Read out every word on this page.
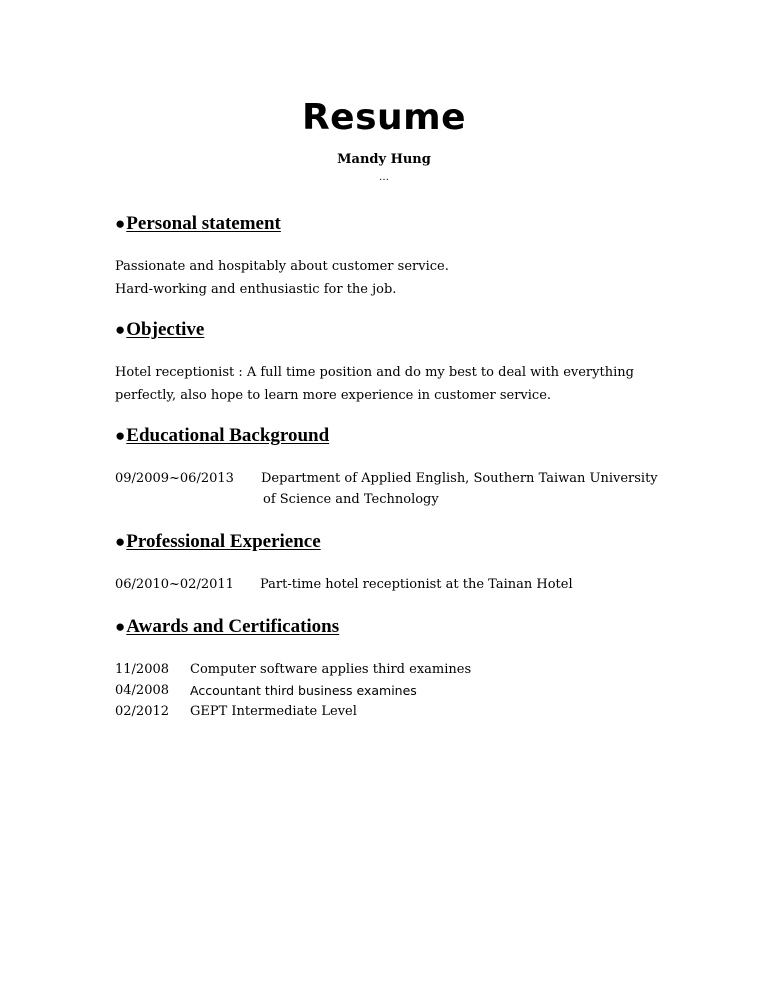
Resume
Mandy Hung
…
●Personal statement
Passionate and hospitably about customer service.
Hard-working and enthusiastic for the job.
●Objective
Hotel receptionist : A full time position and do my best to deal with everything
perfectly, also hope to learn more experience in customer service.
●Educational Background
09/2009~06/2013 Department of Applied English, Southern Taiwan University
of Science and Technology
●Professional Experience
06/2010~02/2011 Part-time hotel receptionist at the Tainan Hotel
●Awards and Certifications
11/2008 Computer software applies third examines
04/2008 Accountant third business examines
02/2012 GEPT Intermediate Level
